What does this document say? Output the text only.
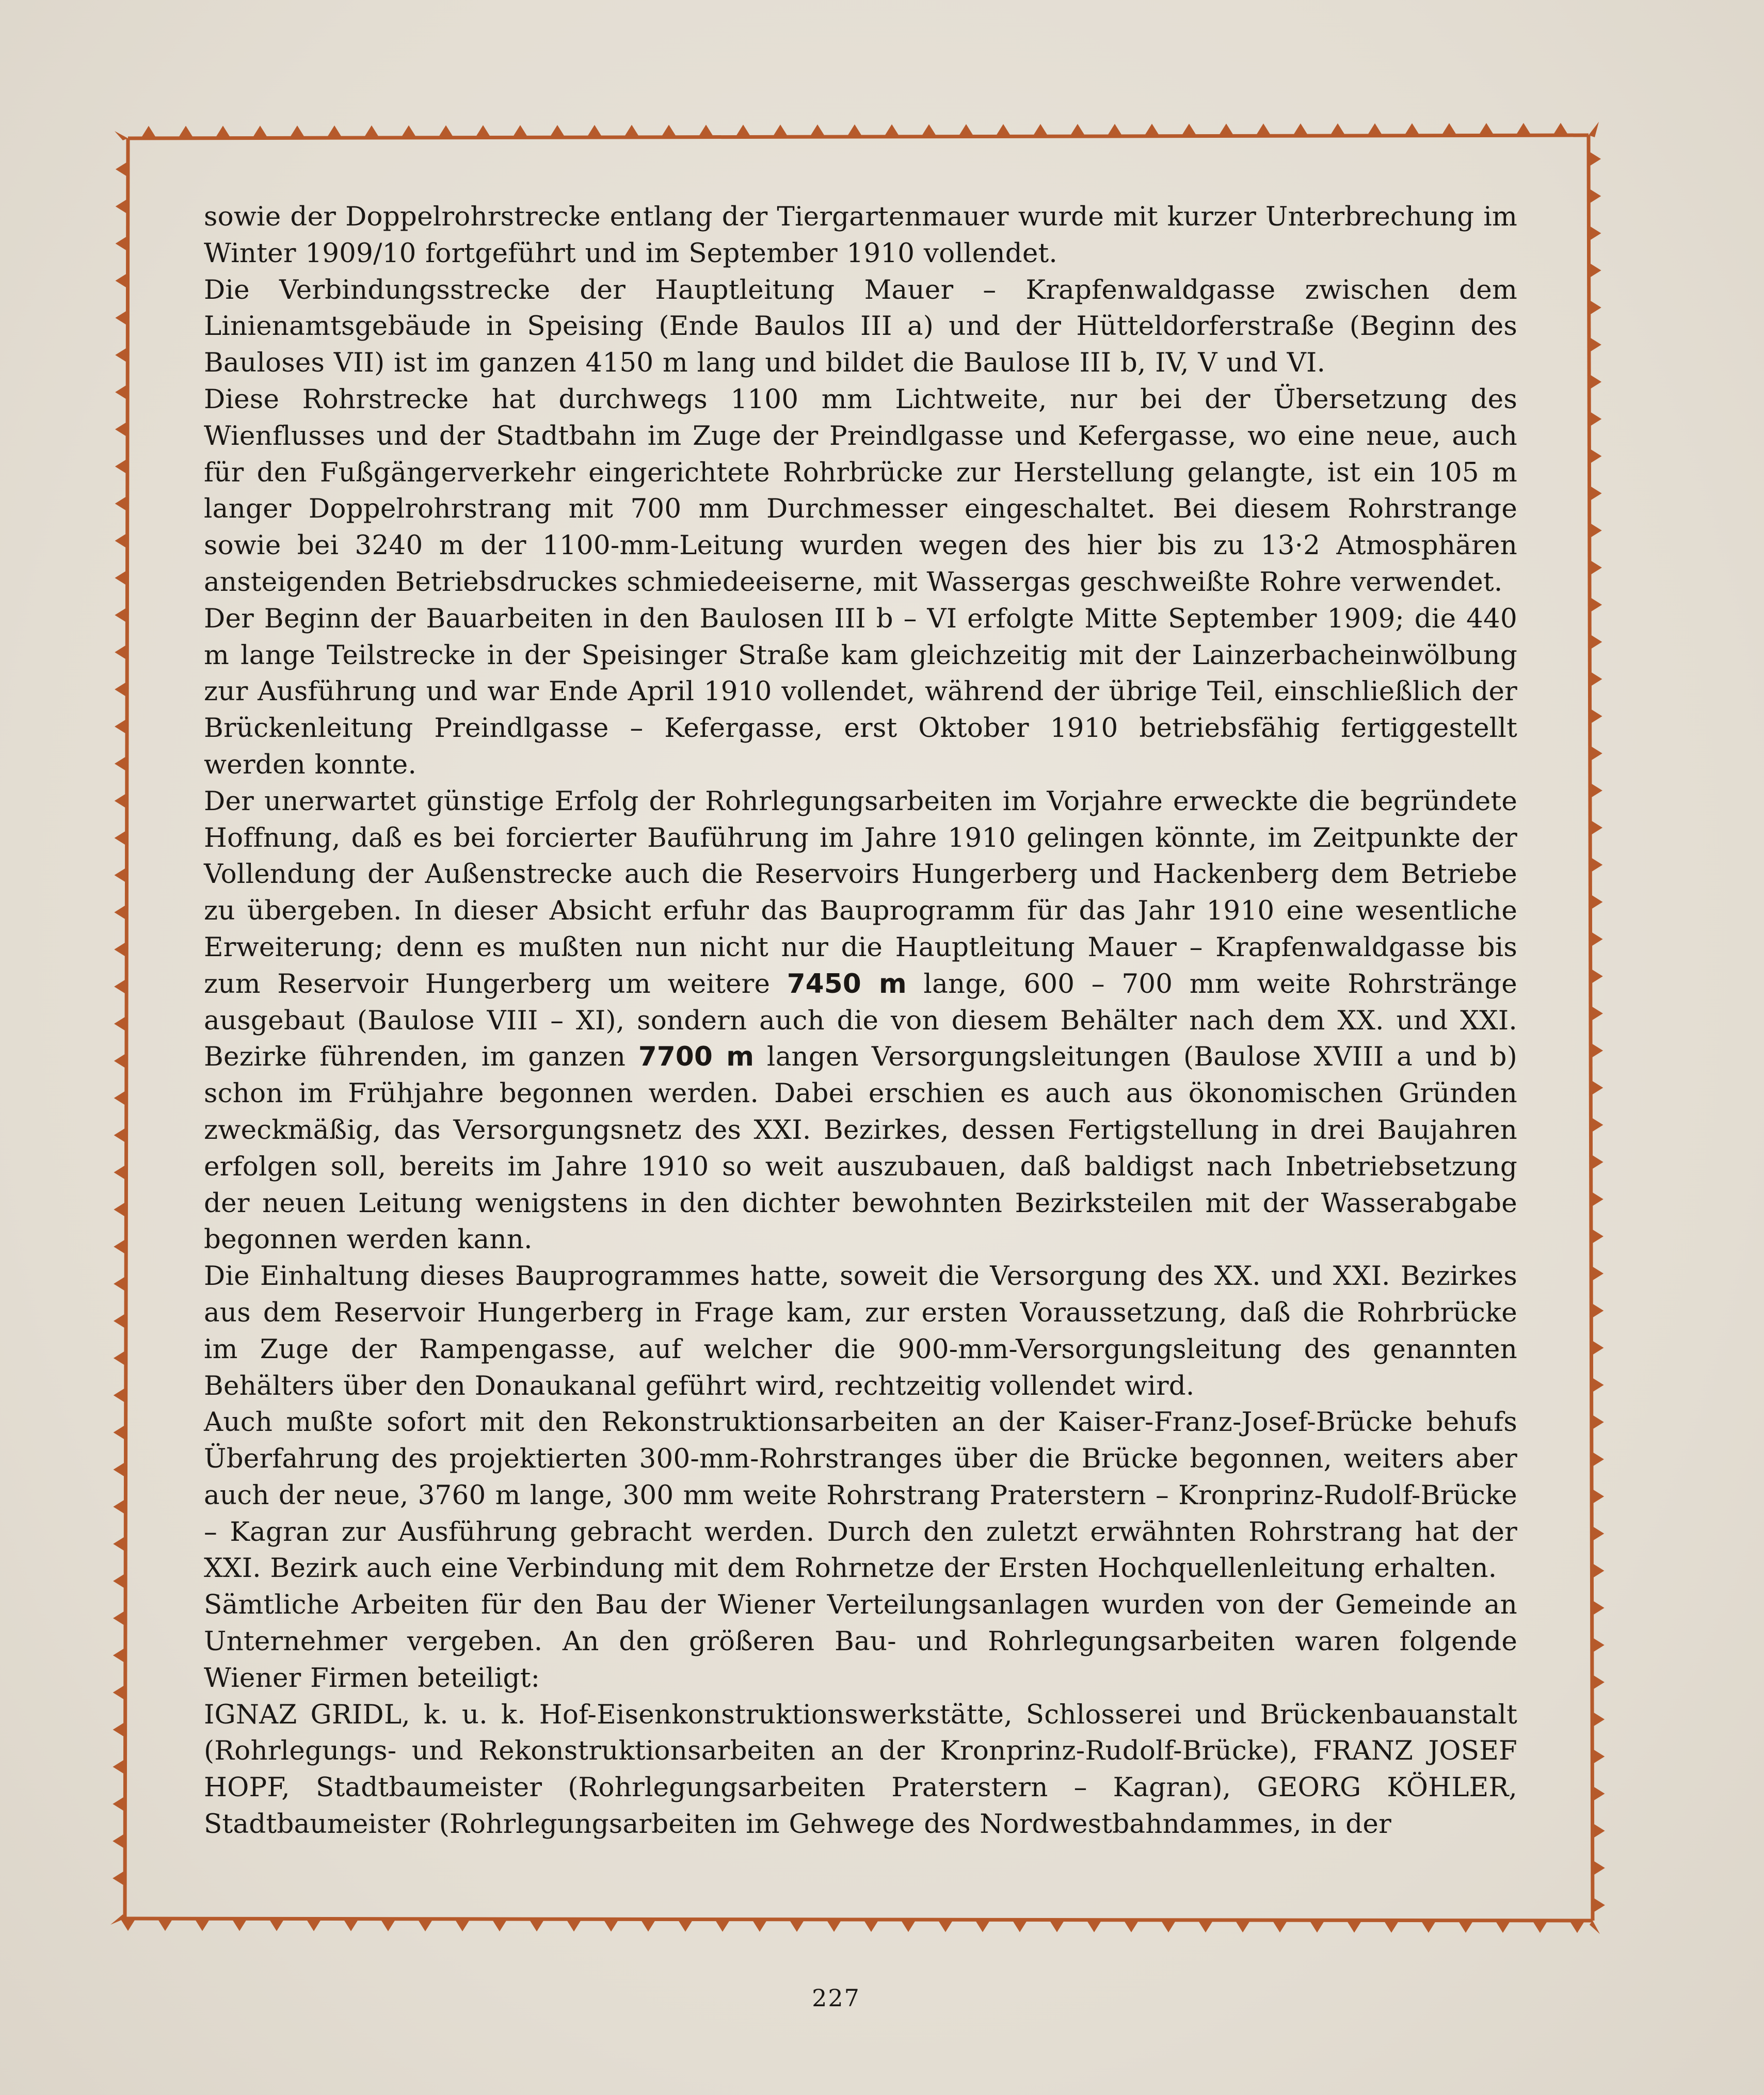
sowie der Doppelrohrstrecke entlang der Tiergartenmauer wurde mit kurzer Unterbrechung im Winter 1909/10 fortgeführt und im September 1910 vollendet.

Die Verbindungsstrecke der Hauptleitung Mauer – Krapfenwaldgasse zwischen dem Linienamtsgebäude in Speising (Ende Baulos III a) und der Hütteldorferstraße (Beginn des Bauloses VII) ist im ganzen 4150 m lang und bildet die Baulose III b, IV, V und VI.

Diese Rohrstrecke hat durchwegs 1100 mm Lichtweite, nur bei der Übersetzung des Wienflusses und der Stadtbahn im Zuge der Preindlgasse und Kefergasse, wo eine neue, auch für den Fußgängerverkehr eingerichtete Rohrbrücke zur Herstellung gelangte, ist ein 105 m langer Doppelrohrstrang mit 700 mm Durchmesser eingeschaltet. Bei diesem Rohrstrange sowie bei 3240 m der 1100-mm-Leitung wurden wegen des hier bis zu 13·2 Atmosphären ansteigenden Betriebsdruckes schmiedeeiserne, mit Wassergas geschweißte Rohre verwendet.

Der Beginn der Bauarbeiten in den Baulosen III b – VI erfolgte Mitte September 1909; die 440 m lange Teilstrecke in der Speisinger Straße kam gleichzeitig mit der Lainzerbacheinwölbung zur Ausführung und war Ende April 1910 vollendet, während der übrige Teil, einschließlich der Brückenleitung Preindlgasse – Kefergasse, erst Oktober 1910 betriebsfähig fertiggestellt werden konnte.

Der unerwartet günstige Erfolg der Rohrlegungsarbeiten im Vorjahre erweckte die begründete Hoffnung, daß es bei forcierter Bauführung im Jahre 1910 gelingen könnte, im Zeitpunkte der Vollendung der Außenstrecke auch die Reservoirs Hungerberg und Hackenberg dem Betriebe zu übergeben. In dieser Absicht erfuhr das Bauprogramm für das Jahr 1910 eine wesentliche Erweiterung; denn es mußten nun nicht nur die Hauptleitung Mauer – Krapfenwaldgasse bis zum Reservoir Hungerberg um weitere 7450 m lange, 600 – 700 mm weite Rohrstränge ausgebaut (Baulose VIII – XI), sondern auch die von diesem Behälter nach dem XX. und XXI. Bezirke führenden, im ganzen 7700 m langen Versorgungsleitungen (Baulose XVIII a und b) schon im Frühjahre begonnen werden. Dabei erschien es auch aus ökonomischen Gründen zweckmäßig, das Versorgungsnetz des XXI. Bezirkes, dessen Fertigstellung in drei Baujahren erfolgen soll, bereits im Jahre 1910 so weit auszubauen, daß baldigst nach Inbetriebsetzung der neuen Leitung wenigstens in den dichter bewohnten Bezirksteilen mit der Wasserabgabe begonnen werden kann.

Die Einhaltung dieses Bauprogrammes hatte, soweit die Versorgung des XX. und XXI. Bezirkes aus dem Reservoir Hungerberg in Frage kam, zur ersten Voraussetzung, daß die Rohrbrücke im Zuge der Rampengasse, auf welcher die 900-mm-Versorgungsleitung des genannten Behälters über den Donaukanal geführt wird, rechtzeitig vollendet wird.

Auch mußte sofort mit den Rekonstruktionsarbeiten an der Kaiser-Franz-Josef-Brücke behufs Überfahrung des projektierten 300-mm-Rohrstranges über die Brücke begonnen, weiters aber auch der neue, 3760 m lange, 300 mm weite Rohrstrang Praterstern – Kronprinz-Rudolf-Brücke – Kagran zur Ausführung gebracht werden. Durch den zuletzt erwähnten Rohrstrang hat der XXI. Bezirk auch eine Verbindung mit dem Rohrnetze der Ersten Hochquellenleitung erhalten.

Sämtliche Arbeiten für den Bau der Wiener Verteilungsanlagen wurden von der Gemeinde an Unternehmer vergeben. An den größeren Bau- und Rohrlegungsarbeiten waren folgende Wiener Firmen beteiligt:

IGNAZ GRIDL, k. u. k. Hof-Eisenkonstruktionswerkstätte, Schlosserei und Brückenbauanstalt (Rohrlegungs- und Rekonstruktionsarbeiten an der Kronprinz-Rudolf-Brücke), FRANZ JOSEF HOPF, Stadtbaumeister (Rohrlegungsarbeiten Praterstern – Kagran), GEORG KÖHLER, Stadtbaumeister (Rohrlegungsarbeiten im Gehwege des Nordwestbahndammes, in der

227
